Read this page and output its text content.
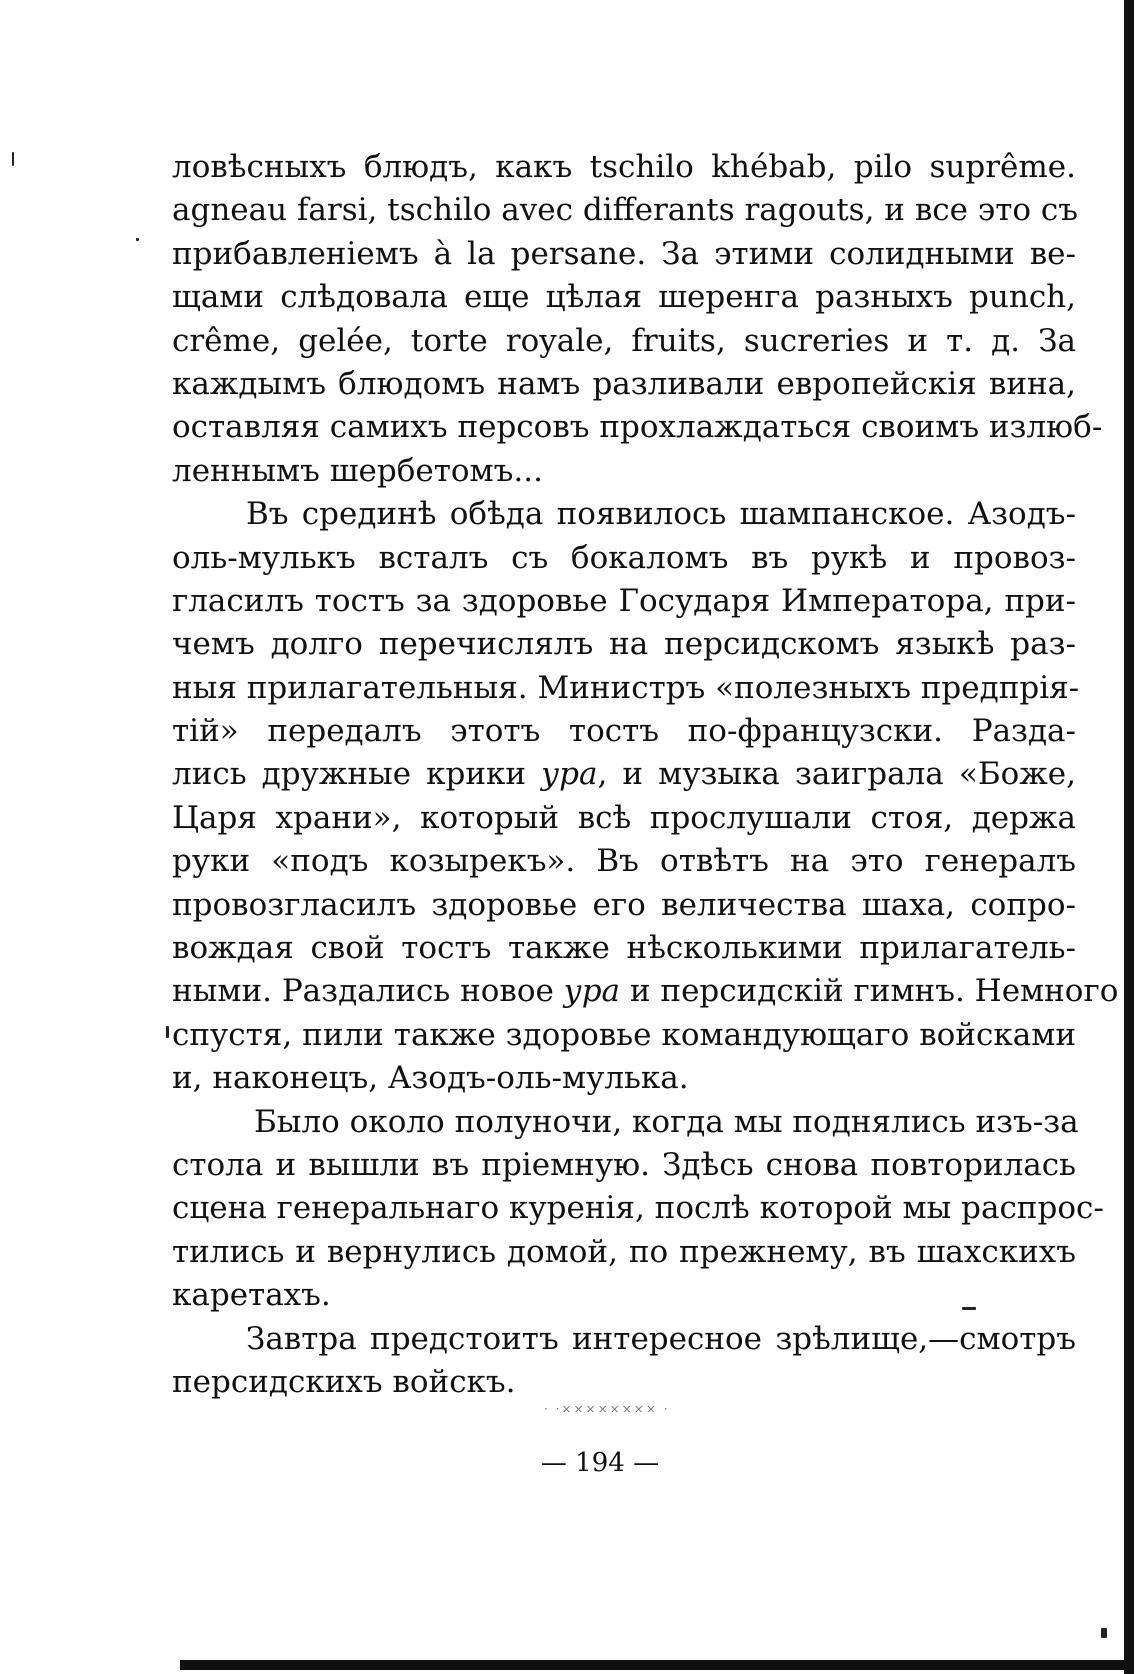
ловѣсныхъ блюдъ, какъ tschilo khébab, pilo suprême.
agneau farsi, tschilo avec differants ragouts, и все это съ
прибавленіемъ à la persane. За этими солидными ве-
щами слѣдовала еще цѣлая шеренга разныхъ punch,
crême, gelée, torte royale, fruits, sucreries и т. д. За
каждымъ блюдомъ намъ разливали европейскія вина,
оставляя самихъ персовъ прохлаждаться своимъ излюб-
леннымъ шербетомъ...
Въ срединѣ обѣда появилось шампанское. Азодъ-
оль-мулькъ всталъ съ бокаломъ въ рукѣ и провоз-
гласилъ тостъ за здоровье Государя Императора, при-
чемъ долго перечислялъ на персидскомъ языкѣ раз-
ныя прилагательныя. Министръ «полезныхъ предпрія-
тій» передалъ этотъ тостъ по-французски. Разда-
лись дружные крики ура, и музыка заиграла «Боже,
Царя храни», который всѣ прослушали стоя, держа
руки «подъ козырекъ». Въ отвѣтъ на это генералъ
провозгласилъ здоровье его величества шаха, сопро-
вождая свой тостъ также нѣсколькими прилагатель-
ными. Раздались новое ура и персидскій гимнъ. Немного
спустя, пили также здоровье командующаго войсками
и, наконецъ, Азодъ-оль-мулька.
Было около полуночи, когда мы поднялись изъ-за
стола и вышли въ пріемную. Здѣсь снова повторилась
сцена генеральнаго куренія, послѣ которой мы распрос-
тились и вернулись домой, по прежнему, въ шахскихъ
каретахъ.
Завтра предстоитъ интересное зрѣлище,—смотръ
персидскихъ войскъ.
· ·×××××××× ·
— 194 —
